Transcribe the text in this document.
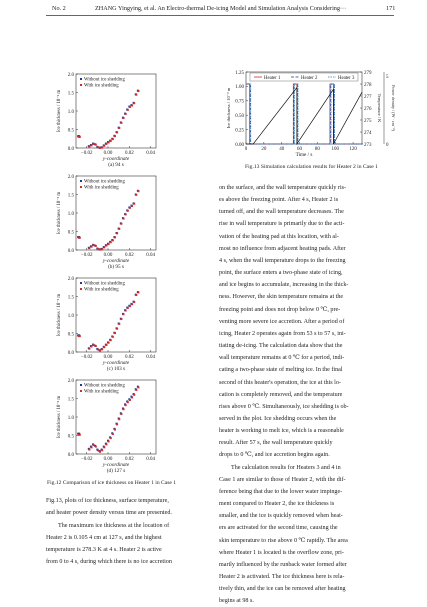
No. 2	ZHANG Yingying, et al. An Electro-thermal De-icing Model and Simulation Analysis Considering···	171
0.0
0.5
1.0
1.5
2.0
−0.02 0.00	0.02	0.04
y-coordinate
(a) 94 s
Ice thickness / 10⁻³ m
Without ice shedding
With ice shedding
0.0
0.5
1.0
1.5
2.0
−0.02 0.00	0.02	0.04
y-coordinate
(b) 95 s
Ice thickness / 10⁻³ m
Without ice shedding
With ice shedding
0.0
0.5
1.0
1.5
2.0
−0.02 0.00	0.02	0.04
y-coordinate
(c) 103 s
Ice thickness / 10⁻³ m
Without ice shedding
With ice shedding
0.0
0.5
1.0
1.5
2.0
−0.02 0.00	0.02	0.04
y-coordinate
(d) 127 s
Ice thickness / 10⁻³ m
Without ice shedding
With ice shedding
Fig.12 Comparison of ice thickness on Heater 1 in Case 1
0.00
0.25
0.50
0.75
1.00
1.25
0	20	40	60	80 100 120
Time / s
Ice thickness / 10⁻³ m
273
274
275
276
277
278
279
Temperature / K
0
5
Power density / (W · cm⁻²)
Heater 1	Heater 2	Heater 3
Fig.13 Simulation calculation results for Heater 2 in Case 1

on the surface, and the wall temperature quickly ris-

es above the freezing point. After 4 s, Heater 2 is

turned off, and the wall temperature decreases. The

rise in wall temperature is primarily due to the acti-

vation of the heating pad at this location, with al-

most no influence from adjacent heating pads. After

4 s, when the wall temperature drops to the freezing

point, the surface enters a two-phase state of icing,

and ice begins to accumulate, increasing in the thick-

ness. However, the skin temperature remains at the

freezing point and does not drop below 0 ℃, pre-

venting more severe ice accretion. After a period of

icing, Heater 2 operates again from 53 s to 57 s, ini-

tiating de-icing. The calculation data show that the

wall temperature remains at 0 ℃ for a period, indi-

cating a two-phase state of melting ice. In the final

second of this heater's operation, the ice at this lo-

cation is completely removed, and the temperature

rises above 0 ℃. Simultaneously, ice shedding is ob-

served in the plot. Ice shedding occurs when the

heater is working to melt ice, which is a reasonable

result. After 57 s, the wall temperature quickly

drops to 0 ℃, and ice accretion begins again.

The calculation results for Heaters 3 and 4 in

Case 1 are similar to those of Heater 2, with the dif-

ference being that due to the lower water impinge-

ment compared to Heater 2, the ice thickness is

smaller, and the ice is quickly removed when heat-

ers are activated for the second time, causing the

skin temperature to rise above 0 ℃ rapidly. The area

where Heater 1 is located is the overflow zone, pri-

marily influenced by the runback water formed after

Heater 2 is activated. The ice thickness here is rela-

tively thin, and the ice can be removed after heating

begins at 98 s.

Fig.13, plots of ice thickness, surface temperature,

and heater power density versus time are presented.

The maximum ice thickness at the location of

Heater 2 is 0.105 4 cm at 127 s, and the highest

temperature is 278.3 K at 4 s. Heater 2 is active

from 0 to 4 s, during which there is no ice accretion
